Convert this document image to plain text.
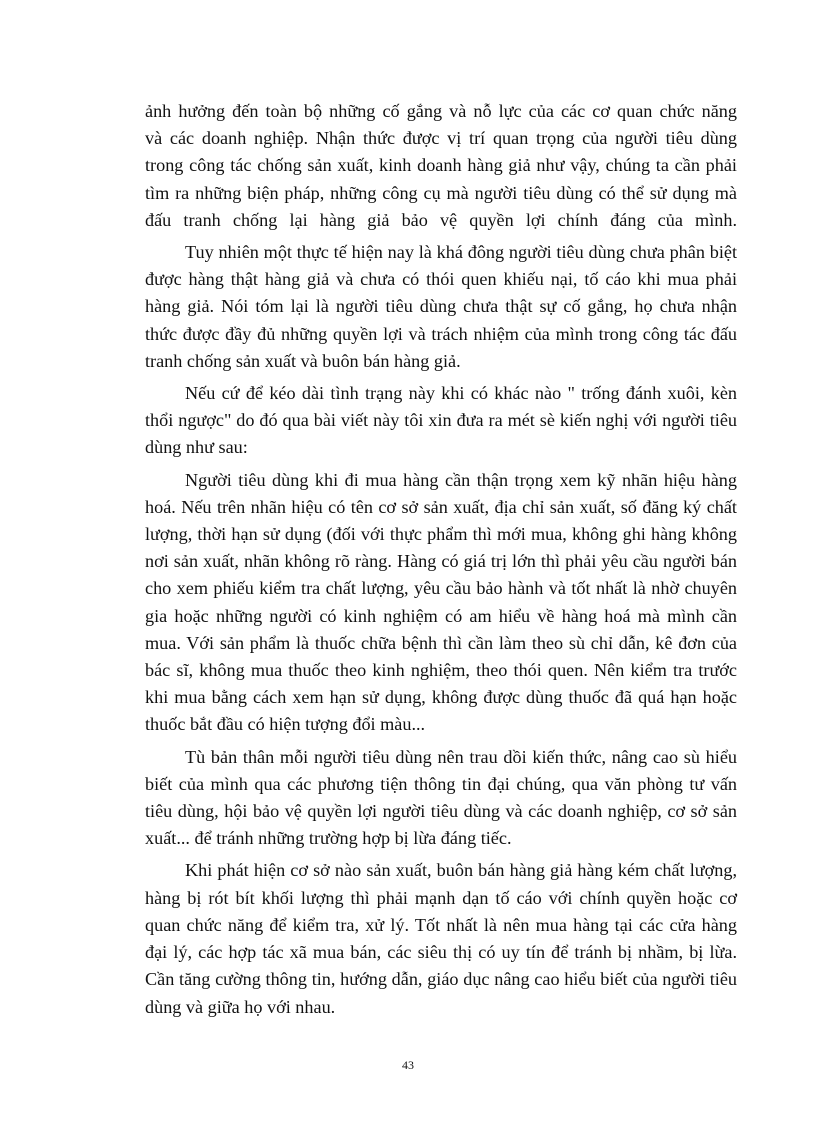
ảnh hưởng đến toàn bộ những cố gắng và nỗ lực của các cơ quan chức năng
và các doanh nghiệp. Nhận thức được vị trí quan trọng của người tiêu dùng
trong công tác chống sản xuất, kinh doanh hàng giả như vậy, chúng ta cần phải
tìm ra những biện pháp, những công cụ mà người tiêu dùng có thể sử dụng mà
đấu tranh chống lại hàng giả bảo vệ quyền lợi chính đáng của mình.
Tuy nhiên một thực tế hiện nay là khá đông người tiêu dùng chưa phân biệt
được hàng thật hàng giả và chưa có thói quen khiếu nại, tố cáo khi mua phải
hàng giả. Nói tóm lại là người tiêu dùng chưa thật sự cố gắng, họ chưa nhận
thức được đầy đủ những quyền lợi và trách nhiệm của mình trong công tác đấu
tranh chống sản xuất và buôn bán hàng giả.
Nếu cứ để kéo dài tình trạng này khi có khác nào " trống đánh xuôi, kèn
thổi ngược" do đó qua bài viết này tôi xin đưa ra mét sè kiến nghị với người tiêu
dùng như sau:
Người tiêu dùng khi đi mua hàng cần thận trọng xem kỹ nhãn hiệu hàng
hoá. Nếu trên nhãn hiệu có tên cơ sở sản xuất, địa chỉ sản xuất, số đăng ký chất
lượng, thời hạn sử dụng (đối với thực phẩm thì mới mua, không ghi hàng không
nơi sản xuất, nhãn không rõ ràng. Hàng có giá trị lớn thì phải yêu cầu người bán
cho xem phiếu kiểm tra chất lượng, yêu cầu bảo hành và tốt nhất là nhờ chuyên
gia hoặc những người có kinh nghiệm có am hiểu về hàng hoá mà mình cần
mua. Với sản phẩm là thuốc chữa bệnh thì cần làm theo sù chỉ dẫn, kê đơn của
bác sĩ, không mua thuốc theo kinh nghiệm, theo thói quen. Nên kiểm tra trước
khi mua bằng cách xem hạn sử dụng, không được dùng thuốc đã quá hạn hoặc
thuốc bắt đầu có hiện tượng đổi màu...
Tù bản thân mỗi người tiêu dùng nên trau dồi kiến thức, nâng cao sù hiểu
biết của mình qua các phương tiện thông tin đại chúng, qua văn phòng tư vấn
tiêu dùng, hội bảo vệ quyền lợi người tiêu dùng và các doanh nghiệp, cơ sở sản
xuất... để tránh những trường hợp bị lừa đáng tiếc.
Khi phát hiện cơ sở nào sản xuất, buôn bán hàng giả hàng kém chất lượng,
hàng bị rót bít khối lượng thì phải mạnh dạn tố cáo với chính quyền hoặc cơ
quan chức năng để kiểm tra, xử lý. Tốt nhất là nên mua hàng tại các cửa hàng
đại lý, các hợp tác xã mua bán, các siêu thị có uy tín để tránh bị nhầm, bị lừa.
Cần tăng cường thông tin, hướng dẫn, giáo dục nâng cao hiểu biết của người tiêu
dùng và giữa họ với nhau.
43
